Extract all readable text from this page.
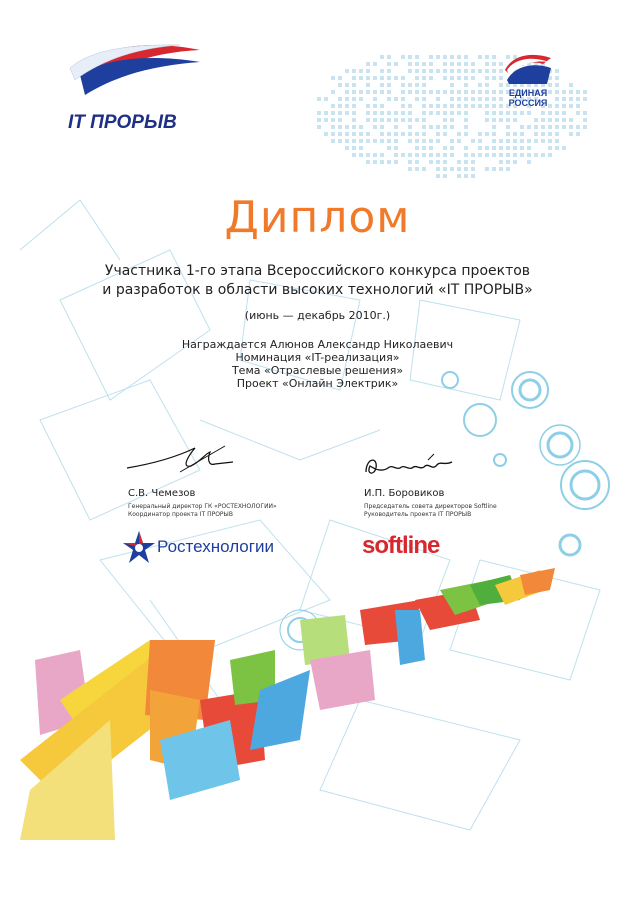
IT ПРОРЫВ
ЕДИНАЯ
РОССИЯ
Диплом
Участника 1-го этапа Всероссийского конкурса проектов
и разработок в области высоких технологий «IT ПРОРЫВ»
(июнь — декабрь 2010г.)
Награждается Алюнов Александр Николаевич
Номинация «IT-реализация»
Тема «Отраслевые решения»
Проект «Онлайн Электрик»
С.В. Чемезов
Генеральный директор ГК «РОСТЕХНОЛОГИИ»
Координатор проекта IT ПРОРЫВ
И.П. Боровиков
Председатель совета директоров Softline
Руководитель проекта IT ПРОРЫВ
Ростехнологии	softline
